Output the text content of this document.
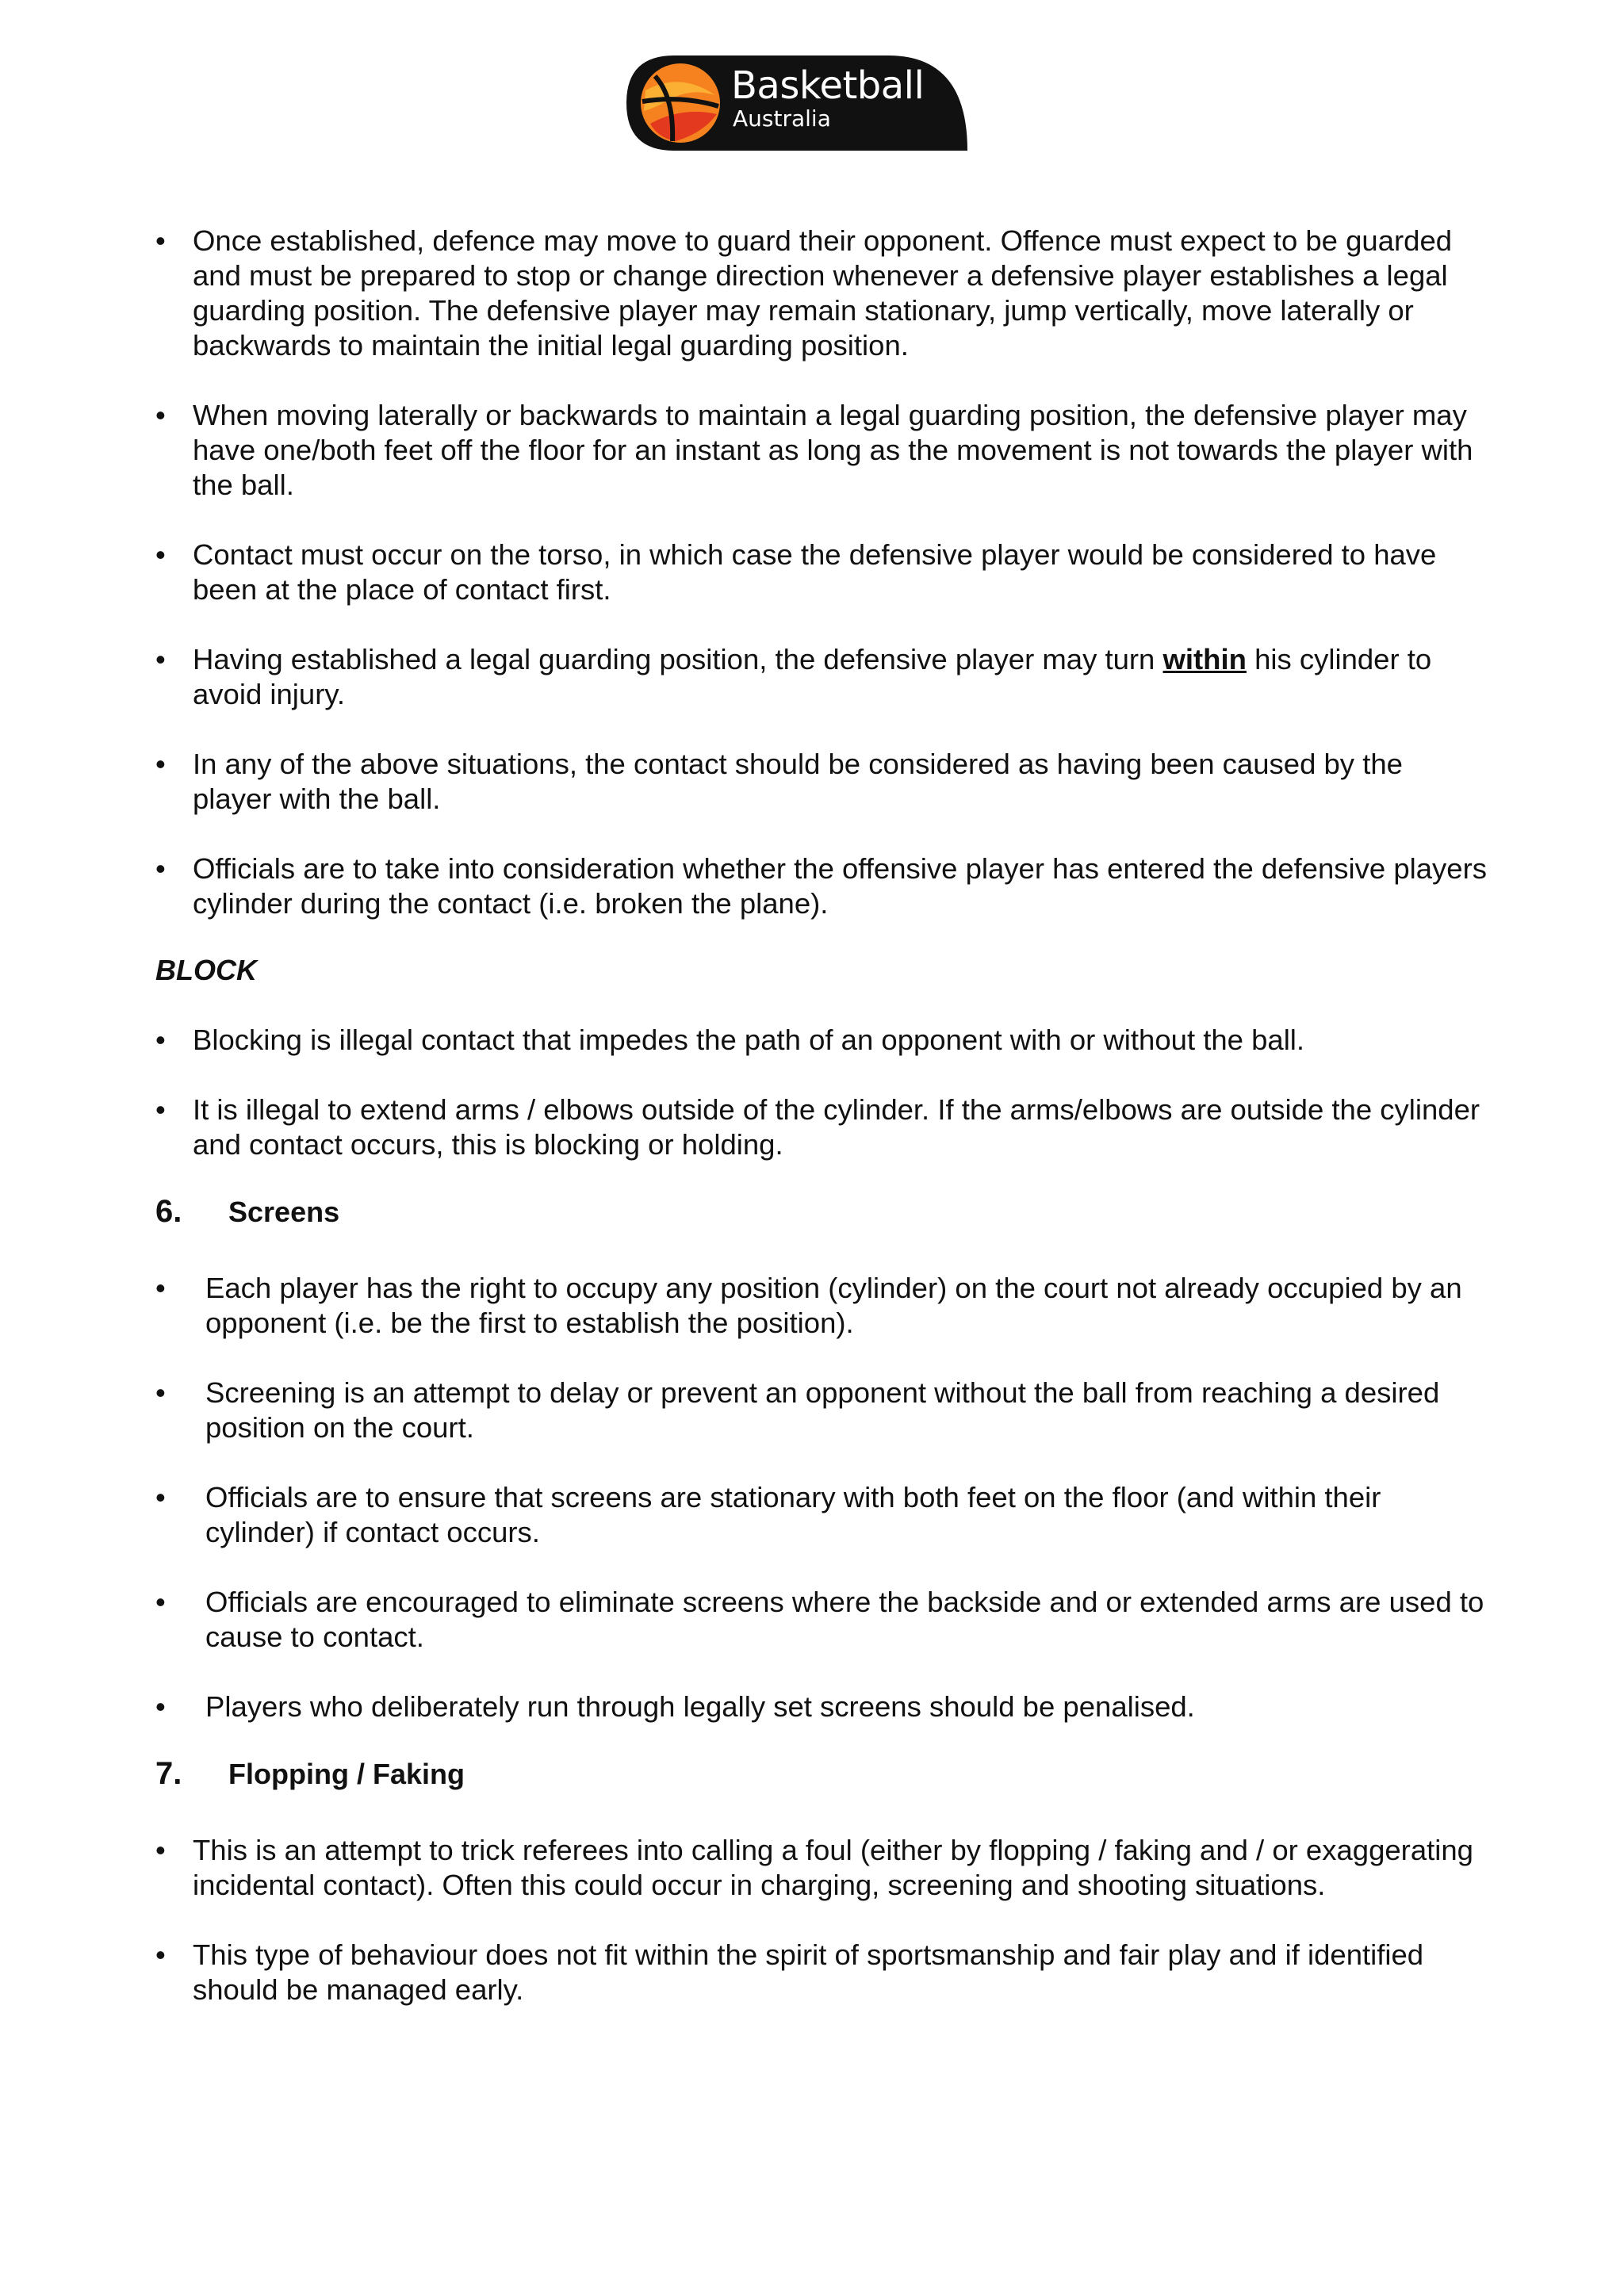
Basketball
Australia
• Once established, defence may move to guard their opponent. Offence must expect to be guarded and must be prepared to stop or change direction whenever a defensive player establishes a legal guarding position. The defensive player may remain stationary, jump vertically, move laterally or backwards to maintain the initial legal guarding position.
• When moving laterally or backwards to maintain a legal guarding position, the defensive player may have one/both feet off the floor for an instant as long as the movement is not towards the player with the ball.
• Contact must occur on the torso, in which case the defensive player would be considered to have been at the place of contact first.
• Having established a legal guarding position, the defensive player may turn within his cylinder to avoid injury.
• In any of the above situations, the contact should be considered as having been caused by the player with the ball.
• Officials are to take into consideration whether the offensive player has entered the defensive players cylinder during the contact (i.e. broken the plane).
BLOCK
• Blocking is illegal contact that impedes the path of an opponent with or without the ball.
• It is illegal to extend arms / elbows outside of the cylinder. If the arms/elbows are outside the cylinder and contact occurs, this is blocking or holding.
6. Screens
•	Each player has the right to occupy any position (cylinder) on the court not already occupied by an opponent (i.e. be the first to establish the position).
•	Screening is an attempt to delay or prevent an opponent without the ball from reaching a desired position on the court.
•	Officials are to ensure that screens are stationary with both feet on the floor (and within their cylinder) if contact occurs.
•	Officials are encouraged to eliminate screens where the backside and or extended arms are used to cause to contact.
•	Players who deliberately run through legally set screens should be penalised.
7. Flopping / Faking
• This is an attempt to trick referees into calling a foul (either by flopping / faking and / or exaggerating incidental contact). Often this could occur in charging, screening and shooting situations.
• This type of behaviour does not fit within the spirit of sportsmanship and fair play and if identified should be managed early.
